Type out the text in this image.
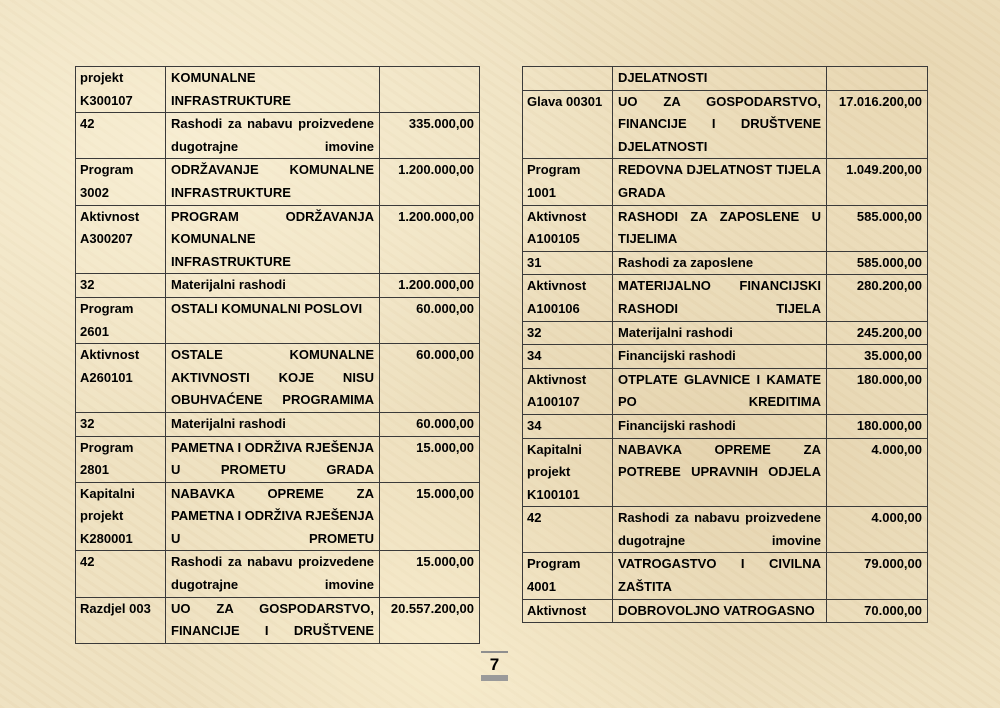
projekt K300107	KOMUNALNE INFRASTRUKTURE	
42	Rashodi za nabavu proizvedene dugotrajne imovine	335.000,00
Program 3002	ODRŽAVANJE KOMUNALNE INFRASTRUKTURE	1.200.000,00
Aktivnost A300207	PROGRAM ODRŽAVANJA KOMUNALNE INFRASTRUKTURE	1.200.000,00
32	Materijalni rashodi	1.200.000,00
Program 2601	OSTALI KOMUNALNI POSLOVI	60.000,00
Aktivnost A260101	OSTALE KOMUNALNE AKTIVNOSTI KOJE NISU OBUHVAĆENE PROGRAMIMA	60.000,00
32	Materijalni rashodi	60.000,00
Program 2801	PAMETNA I ODRŽIVA RJEŠENJA U PROMETU GRADA	15.000,00
Kapitalni projekt K280001	NABAVKA OPREME ZA PAMETNA I ODRŽIVA RJEŠENJA U PROMETU	15.000,00
42	Rashodi za nabavu proizvedene dugotrajne imovine	15.000,00
Razdjel 003	UO ZA GOSPODARSTVO, FINANCIJE I DRUŠTVENE	20.557.200,00
	DJELATNOSTI	
Glava 00301	UO ZA GOSPODARSTVO, FINANCIJE I DRUŠTVENE DJELATNOSTI	17.016.200,00
Program 1001	REDOVNA DJELATNOST TIJELA GRADA	1.049.200,00
Aktivnost A100105	RASHODI ZA ZAPOSLENE U TIJELIMA	585.000,00
31	Rashodi za zaposlene	585.000,00
Aktivnost A100106	MATERIJALNO FINANCIJSKI RASHODI TIJELA	280.200,00
32	Materijalni rashodi	245.200,00
34	Financijski rashodi	35.000,00
Aktivnost A100107	OTPLATE GLAVNICE I KAMATE PO KREDITIMA	180.000,00
34	Financijski rashodi	180.000,00
Kapitalni projekt K100101	NABAVKA OPREME ZA POTREBE UPRAVNIH ODJELA	4.000,00
42	Rashodi za nabavu proizvedene dugotrajne imovine	4.000,00
Program 4001	VATROGASTVO I CIVILNA ZAŠTITA	79.000,00
Aktivnost	DOBROVOLJNO VATROGASNO	70.000,00
7
